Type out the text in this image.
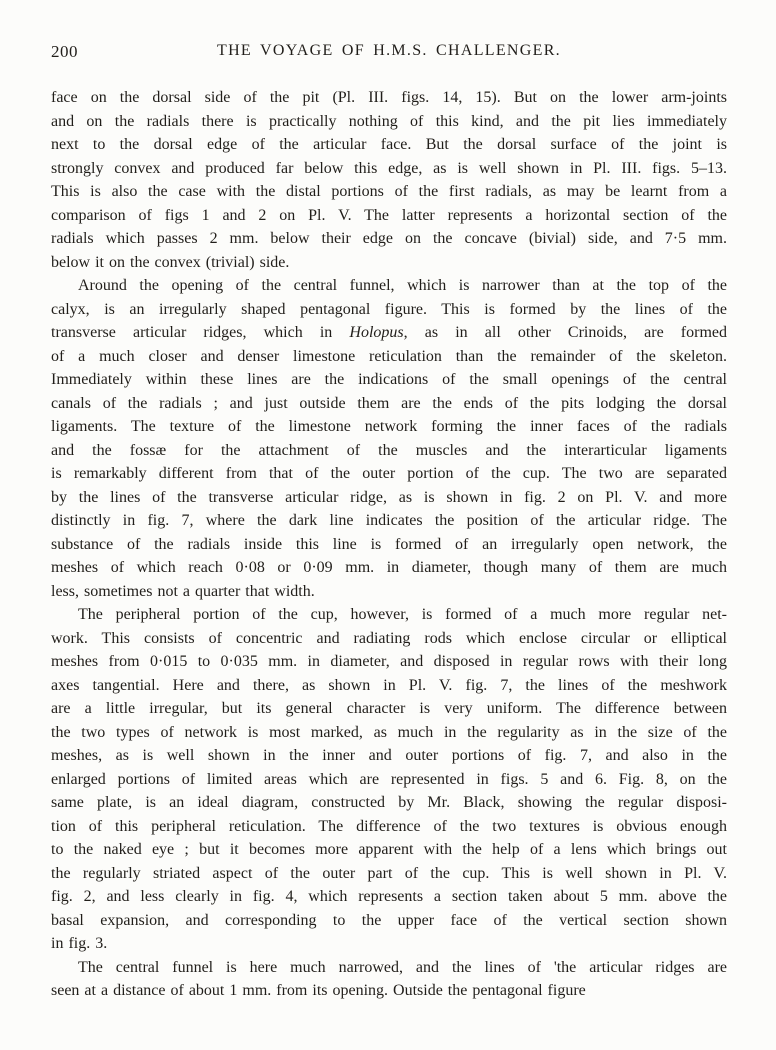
200	THE VOYAGE OF H.M.S. CHALLENGER.
face on the dorsal side of the pit (Pl. III. figs. 14, 15). But on the lower arm-joints
and on the radials there is practically nothing of this kind, and the pit lies immediately
next to the dorsal edge of the articular face. But the dorsal surface of the joint is
strongly convex and produced far below this edge, as is well shown in Pl. III. figs. 5–13.
This is also the case with the distal portions of the first radials, as may be learnt from a
comparison of figs 1 and 2 on Pl. V. The latter represents a horizontal section of the
radials which passes 2 mm. below their edge on the concave (bivial) side, and 7·5 mm.
below it on the convex (trivial) side.
Around the opening of the central funnel, which is narrower than at the top of the
calyx, is an irregularly shaped pentagonal figure. This is formed by the lines of the
transverse articular ridges, which in Holopus, as in all other Crinoids, are formed
of a much closer and denser limestone reticulation than the remainder of the skeleton.
Immediately within these lines are the indications of the small openings of the central
canals of the radials ; and just outside them are the ends of the pits lodging the dorsal
ligaments. The texture of the limestone network forming the inner faces of the radials
and the fossæ for the attachment of the muscles and the interarticular ligaments
is remarkably different from that of the outer portion of the cup. The two are separated
by the lines of the transverse articular ridge, as is shown in fig. 2 on Pl. V. and more
distinctly in fig. 7, where the dark line indicates the position of the articular ridge. The
substance of the radials inside this line is formed of an irregularly open network, the
meshes of which reach 0·08 or 0·09 mm. in diameter, though many of them are much
less, sometimes not a quarter that width.
The peripheral portion of the cup, however, is formed of a much more regular net-
work. This consists of concentric and radiating rods which enclose circular or elliptical
meshes from 0·015 to 0·035 mm. in diameter, and disposed in regular rows with their long
axes tangential. Here and there, as shown in Pl. V. fig. 7, the lines of the meshwork
are a little irregular, but its general character is very uniform. The difference between
the two types of network is most marked, as much in the regularity as in the size of the
meshes, as is well shown in the inner and outer portions of fig. 7, and also in the
enlarged portions of limited areas which are represented in figs. 5 and 6. Fig. 8, on the
same plate, is an ideal diagram, constructed by Mr. Black, showing the regular disposi-
tion of this peripheral reticulation. The difference of the two textures is obvious enough
to the naked eye ; but it becomes more apparent with the help of a lens which brings out
the regularly striated aspect of the outer part of the cup. This is well shown in Pl. V.
fig. 2, and less clearly in fig. 4, which represents a section taken about 5 mm. above the
basal expansion, and corresponding to the upper face of the vertical section shown
in fig. 3.
The central funnel is here much narrowed, and the lines of 'the articular ridges are
seen at a distance of about 1 mm. from its opening. Outside the pentagonal figure
